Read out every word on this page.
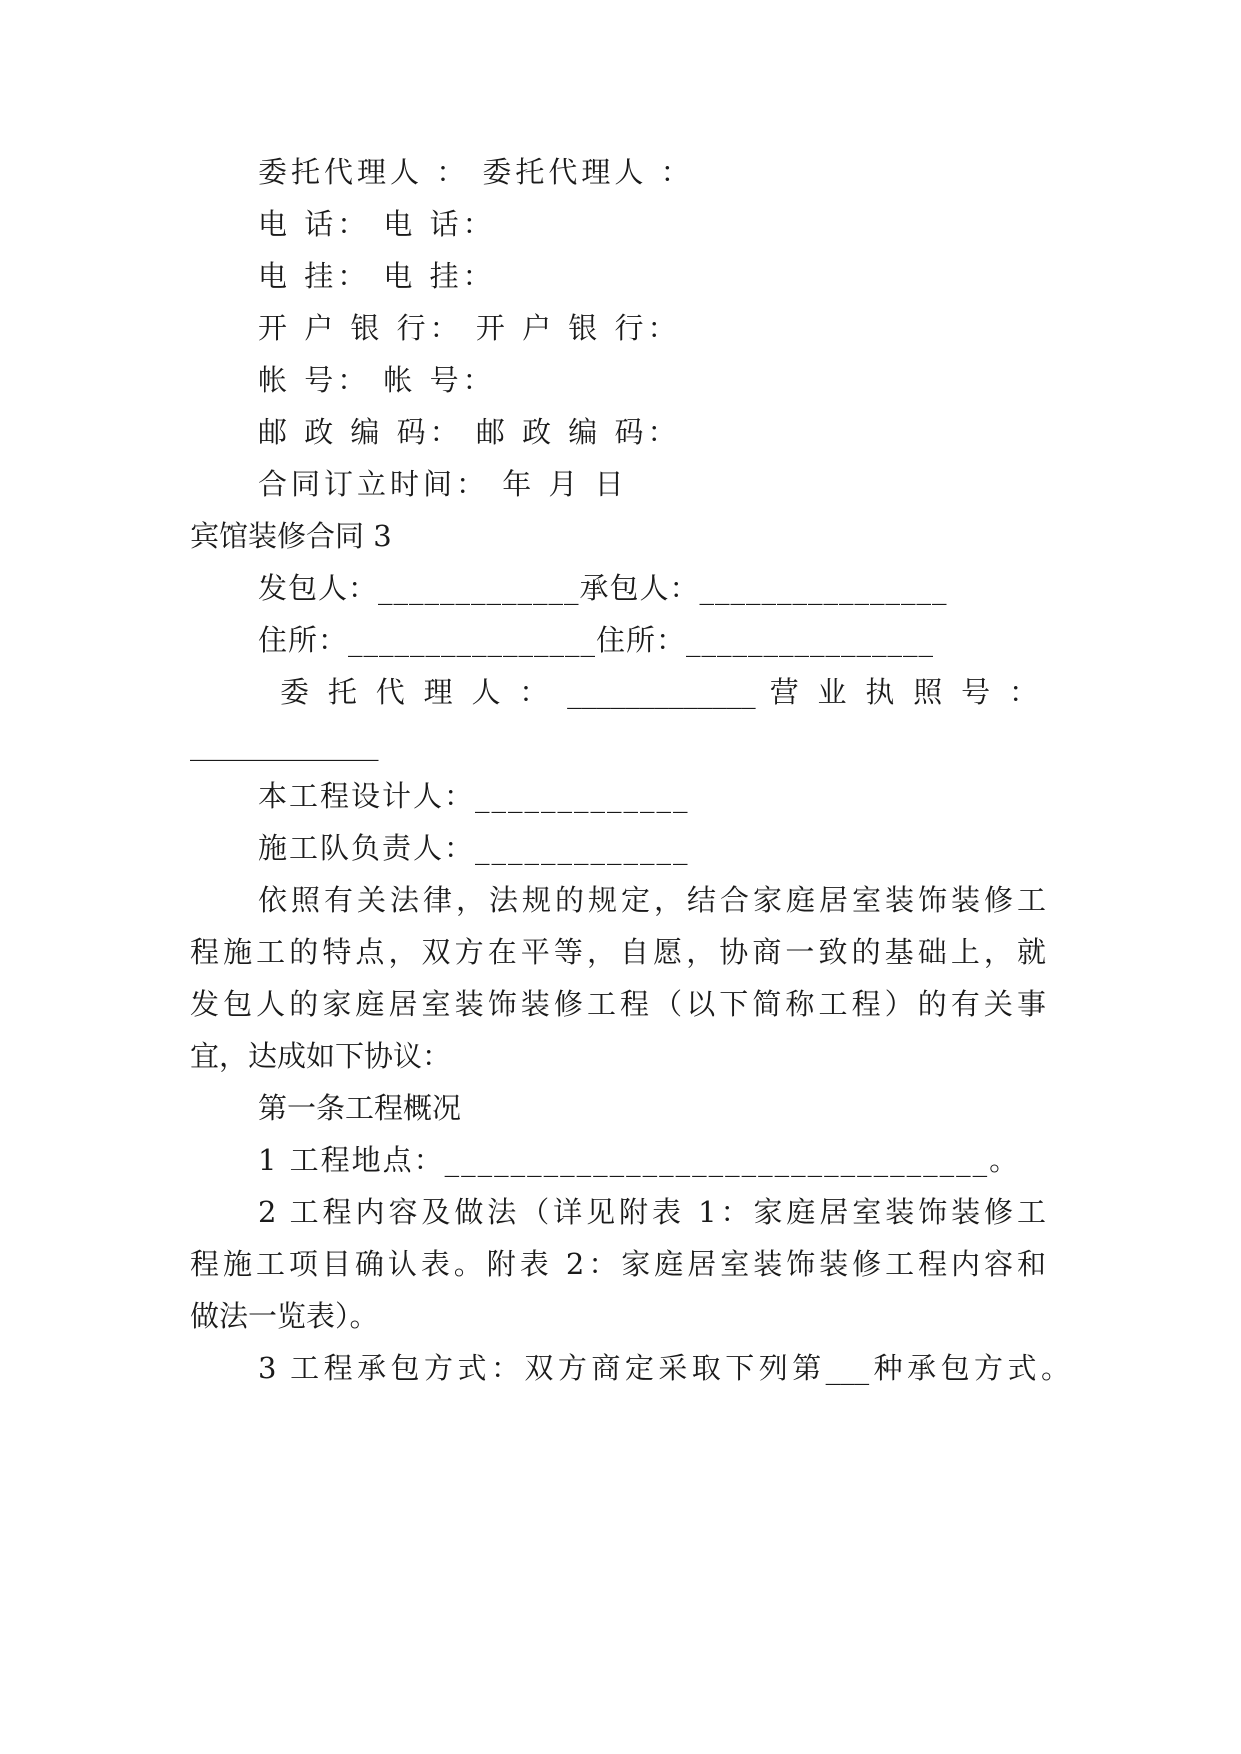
委托代理人 ： 委托代理人 ：
电 话： 电 话：
电 挂： 电 挂：
开 户 银 行： 开 户 银 行：
帐 号： 帐 号：
邮 政 编 码： 邮 政 编 码：
合同订立时间： 年 月 日
宾馆装修合同 3
发包人：_____________承包人：________________
住所：________________住所：________________
委 托 代 理 人 ： _____________ 营 业 执 照 号 ：
_____________
本工程设计人：_____________
施工队负责人：_____________
依照有关法律，法规的规定，结合家庭居室装饰装修工
程施工的特点，双方在平等，自愿，协商一致的基础上，就
发包人的家庭居室装饰装修工程（以下简称工程）的有关事
宜，达成如下协议：
第一条工程概况
1 工程地点：_________________________________。
2 工程内容及做法（详见附表 1：家庭居室装饰装修工
程施工项目确认表。附表 2：家庭居室装饰装修工程内容和
做法一览表）。
3 工程承包方式：双方商定采取下列第___种承包方式。
